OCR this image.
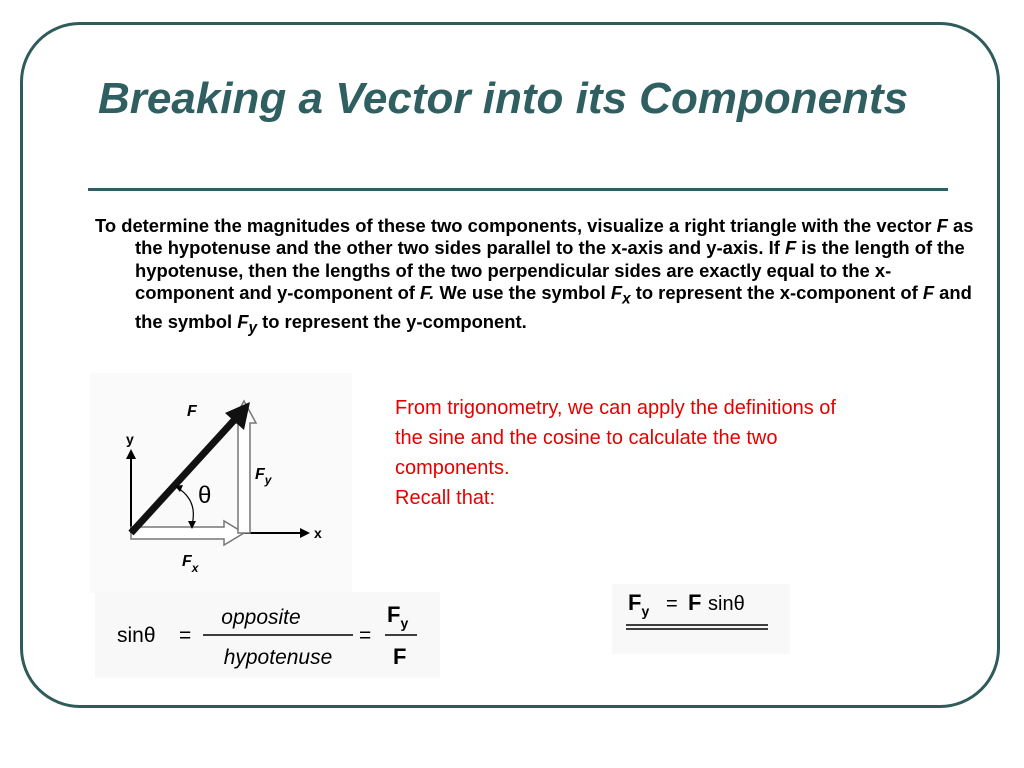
Breaking a Vector into its Components

To determine the magnitudes of these two components, visualize a right triangle with the vector F as the hypotenuse and the other two sides parallel to the x-axis and y-axis. If F is the length of the hypotenuse, then the lengths of the two perpendicular sides are exactly equal to the x-component and y-component of F. We use the symbol $F_x$ to represent the x-component of F and the symbol $F_y$ to represent the y-component.

From trigonometry, we can apply the definitions of the sine and the cosine to calculate the two components.
Recall that:
y
x
θ
F
$F_y$
$F_x$
sinθ =
opposite
hypotenuse
=
$F_y$
F
$F_y = F$ sinθ
